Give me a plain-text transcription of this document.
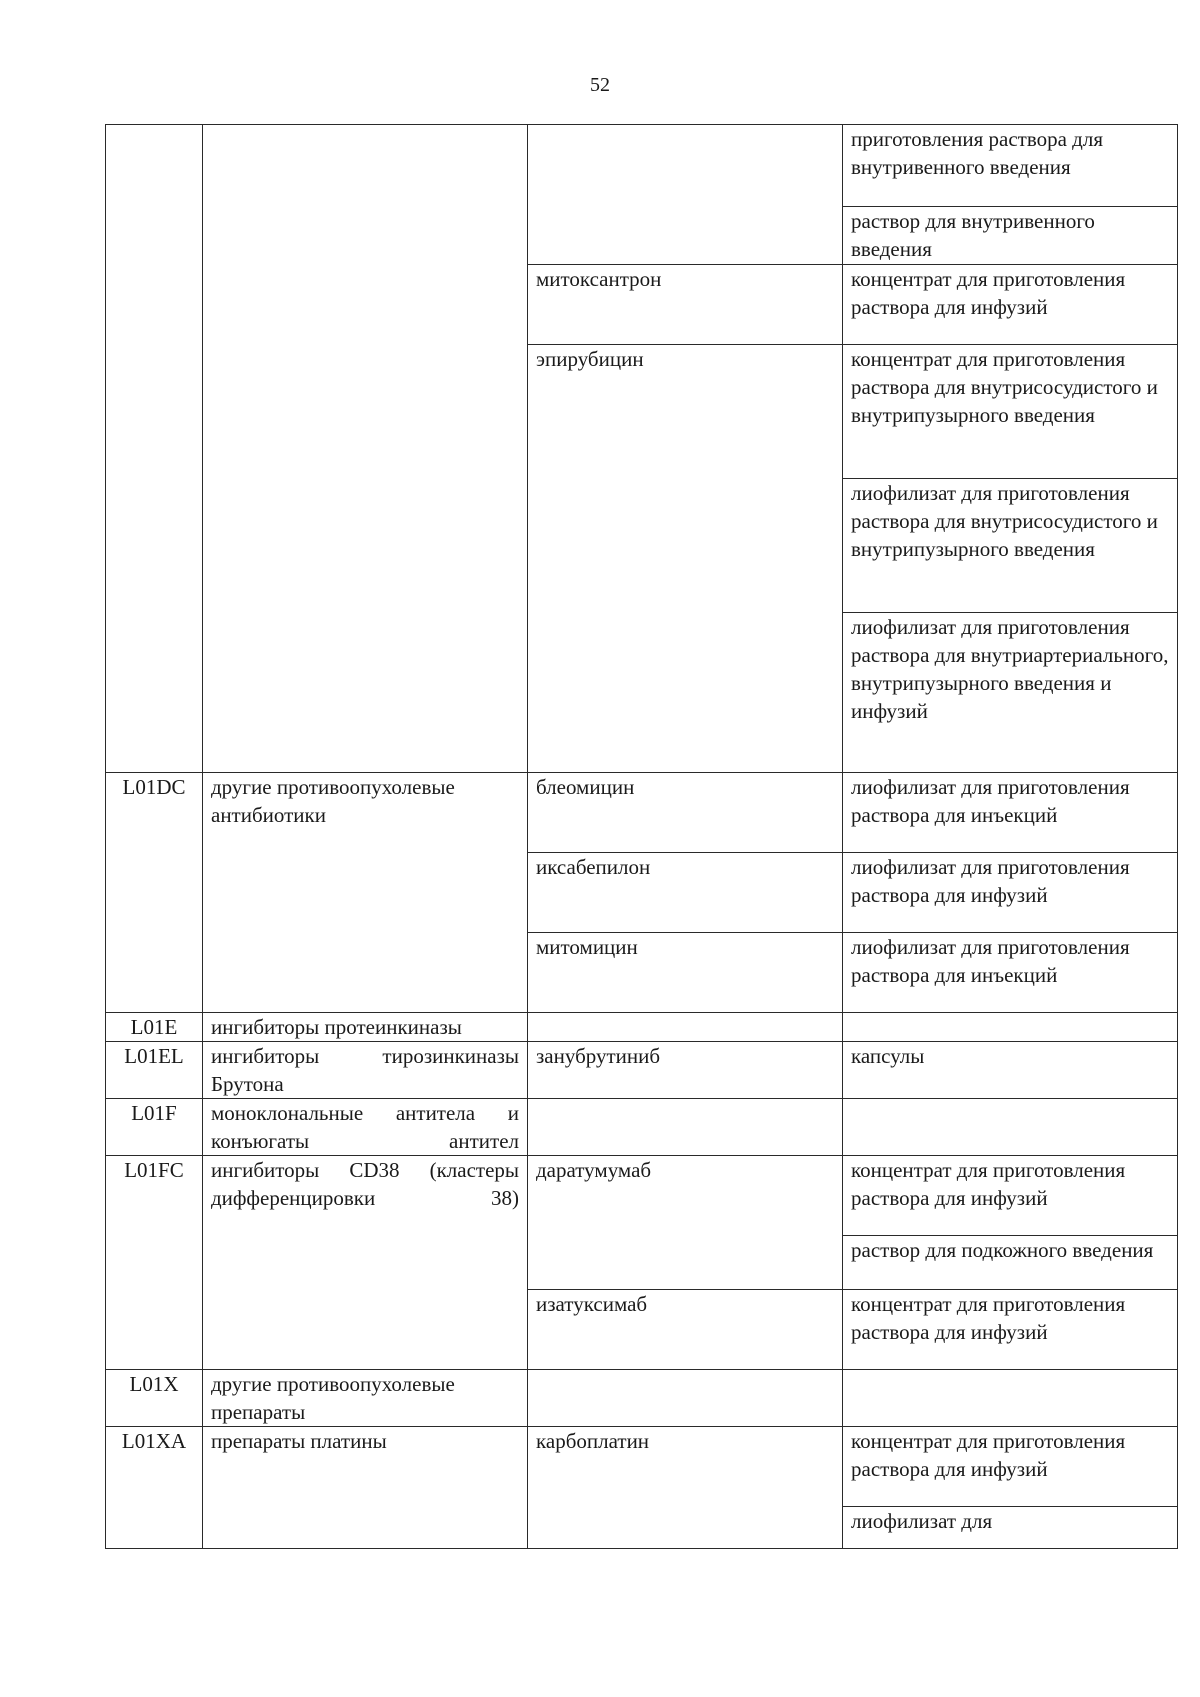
52
			приготовления раствора для внутривенного введения
			раствор для внутривенного введения
		митоксантрон	концентрат для приготовления раствора для инфузий
		эпирубицин	концентрат для приготовления раствора для внутрисосудистого и внутрипузырного введения
			лиофилизат для приготовления раствора для внутрисосудистого и внутрипузырного введения
			лиофилизат для приготовления раствора для внутриартериального, внутрипузырного введения и инфузий
L01DC	другие противоопухолевые антибиотики	блеомицин	лиофилизат для приготовления раствора для инъекций
		иксабепилон	лиофилизат для приготовления раствора для инфузий
		митомицин	лиофилизат для приготовления раствора для инъекций
L01E	ингибиторы протеинкиназы		
L01EL	ингибиторы тирозинкиназы Брутона	занубрутиниб	капсулы
L01F	моноклональные антитела и конъюгаты антител		
L01FC	ингибиторы CD38 (кластеры дифференцировки 38)	даратумумаб	концентрат для приготовления раствора для инфузий
			раствор для подкожного введения
		изатуксимаб	концентрат для приготовления раствора для инфузий
L01X	другие противоопухолевые препараты		
L01XA	препараты платины	карбоплатин	концентрат для приготовления раствора для инфузий
			лиофилизат для
